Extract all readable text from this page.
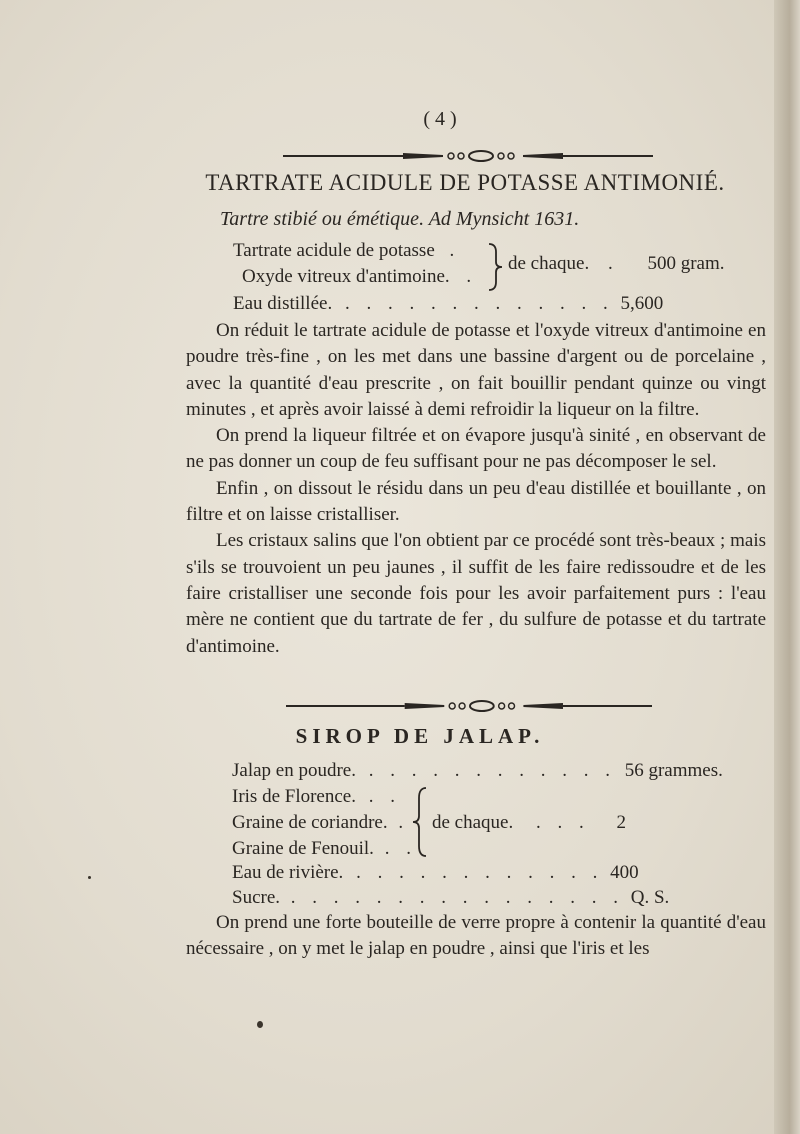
( 4 )
TARTRATE ACIDULE DE POTASSE ANTIMONIÉ.
Tartre stibié ou émétique. Ad Mynsicht 1631.
Tartrate acidule de potasse .
Oxyde vitreux d'antimoine. .
de chaque. . 500 gram.
Eau distillée. . . . . . . . . . . . . . 5,600

On réduit le tartrate acidule de potasse et l'oxyde vitreux d'antimoine en poudre très-fine , on les met dans une bassine d'argent ou de porcelaine , avec la quantité d'eau prescrite , on fait bouillir pendant quinze ou vingt minutes , et après avoir laissé à demi refroidir la liqueur on la filtre.

On prend la liqueur filtrée et on évapore jusqu'à sinité , en observant de ne pas donner un coup de feu suffisant pour ne pas décomposer le sel.

Enfin , on dissout le résidu dans un peu d'eau distillée et bouillante , on filtre et on laisse cristalliser.

Les cristaux salins que l'on obtient par ce procédé sont très-beaux ; mais s'ils se trouvoient un peu jaunes , il suffit de les faire redissoudre et de les faire cristalliser une seconde fois pour les avoir parfaitement purs : l'eau mère ne contient que du tartrate de fer , du sulfure de potasse et du tartrate d'antimoine.

SIROP DE JALAP.
Jalap en poudre. . . . . . . . . . . . . 56 grammes.
Iris de Florence. . .
Graine de coriandre. .
Graine de Fenouil. . .
de chaque. . . . 2
Eau de rivière. . . . . . . . . . . . . 400
Sucre. . . . . . . . . . . . . . . . . Q. S.

On prend une forte bouteille de verre propre à contenir la quantité d'eau nécessaire , on y met le jalap en poudre , ainsi que l'iris et les
